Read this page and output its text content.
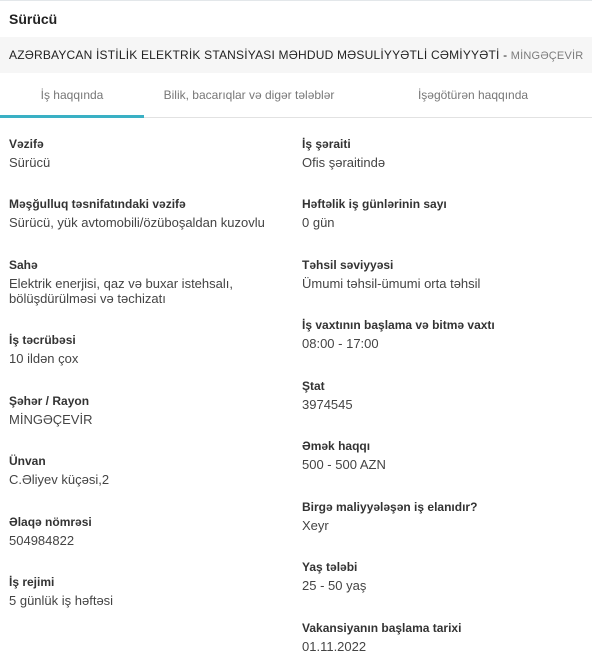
Sürücü
AZƏRBAYCAN İSTİLİK ELEKTRİK STANSİYASI MƏHDUD MƏSULİYYƏTLİ CƏMİYYƏTİ - MİNGƏÇEVİR
İş haqqında	Bilik, bacarıqlar və digər tələblər	İşəgötürən haqqında
Vəzifə
Sürücü
Məşğulluq təsnifatındaki vəzifə
Sürücü, yük avtomobili/özüboşaldan kuzovlu
Sahə
Elektrik enerjisi, qaz və buxar istehsalı, bölüşdürülməsi və təchizatı
İş təcrübəsi
10 ildən çox
Şəhər / Rayon
MİNGƏÇEVİR
Ünvan
C.Əliyev küçəsi,2
Əlaqə nömrəsi
504984822
İş rejimi
5 günlük iş həftəsi
İş şəraiti
Ofis şəraitində
Həftəlik iş günlərinin sayı
0 gün
Təhsil səviyyəsi
Ümumi təhsil-ümumi orta təhsil
İş vaxtının başlama və bitmə vaxtı
08:00 - 17:00
Ştat
3974545
Əmək haqqı
500 - 500 AZN
Birgə maliyyələşən iş elanıdır?
Xeyr
Yaş tələbi
25 - 50 yaş
Vakansiyanın başlama tarixi
01.11.2022
